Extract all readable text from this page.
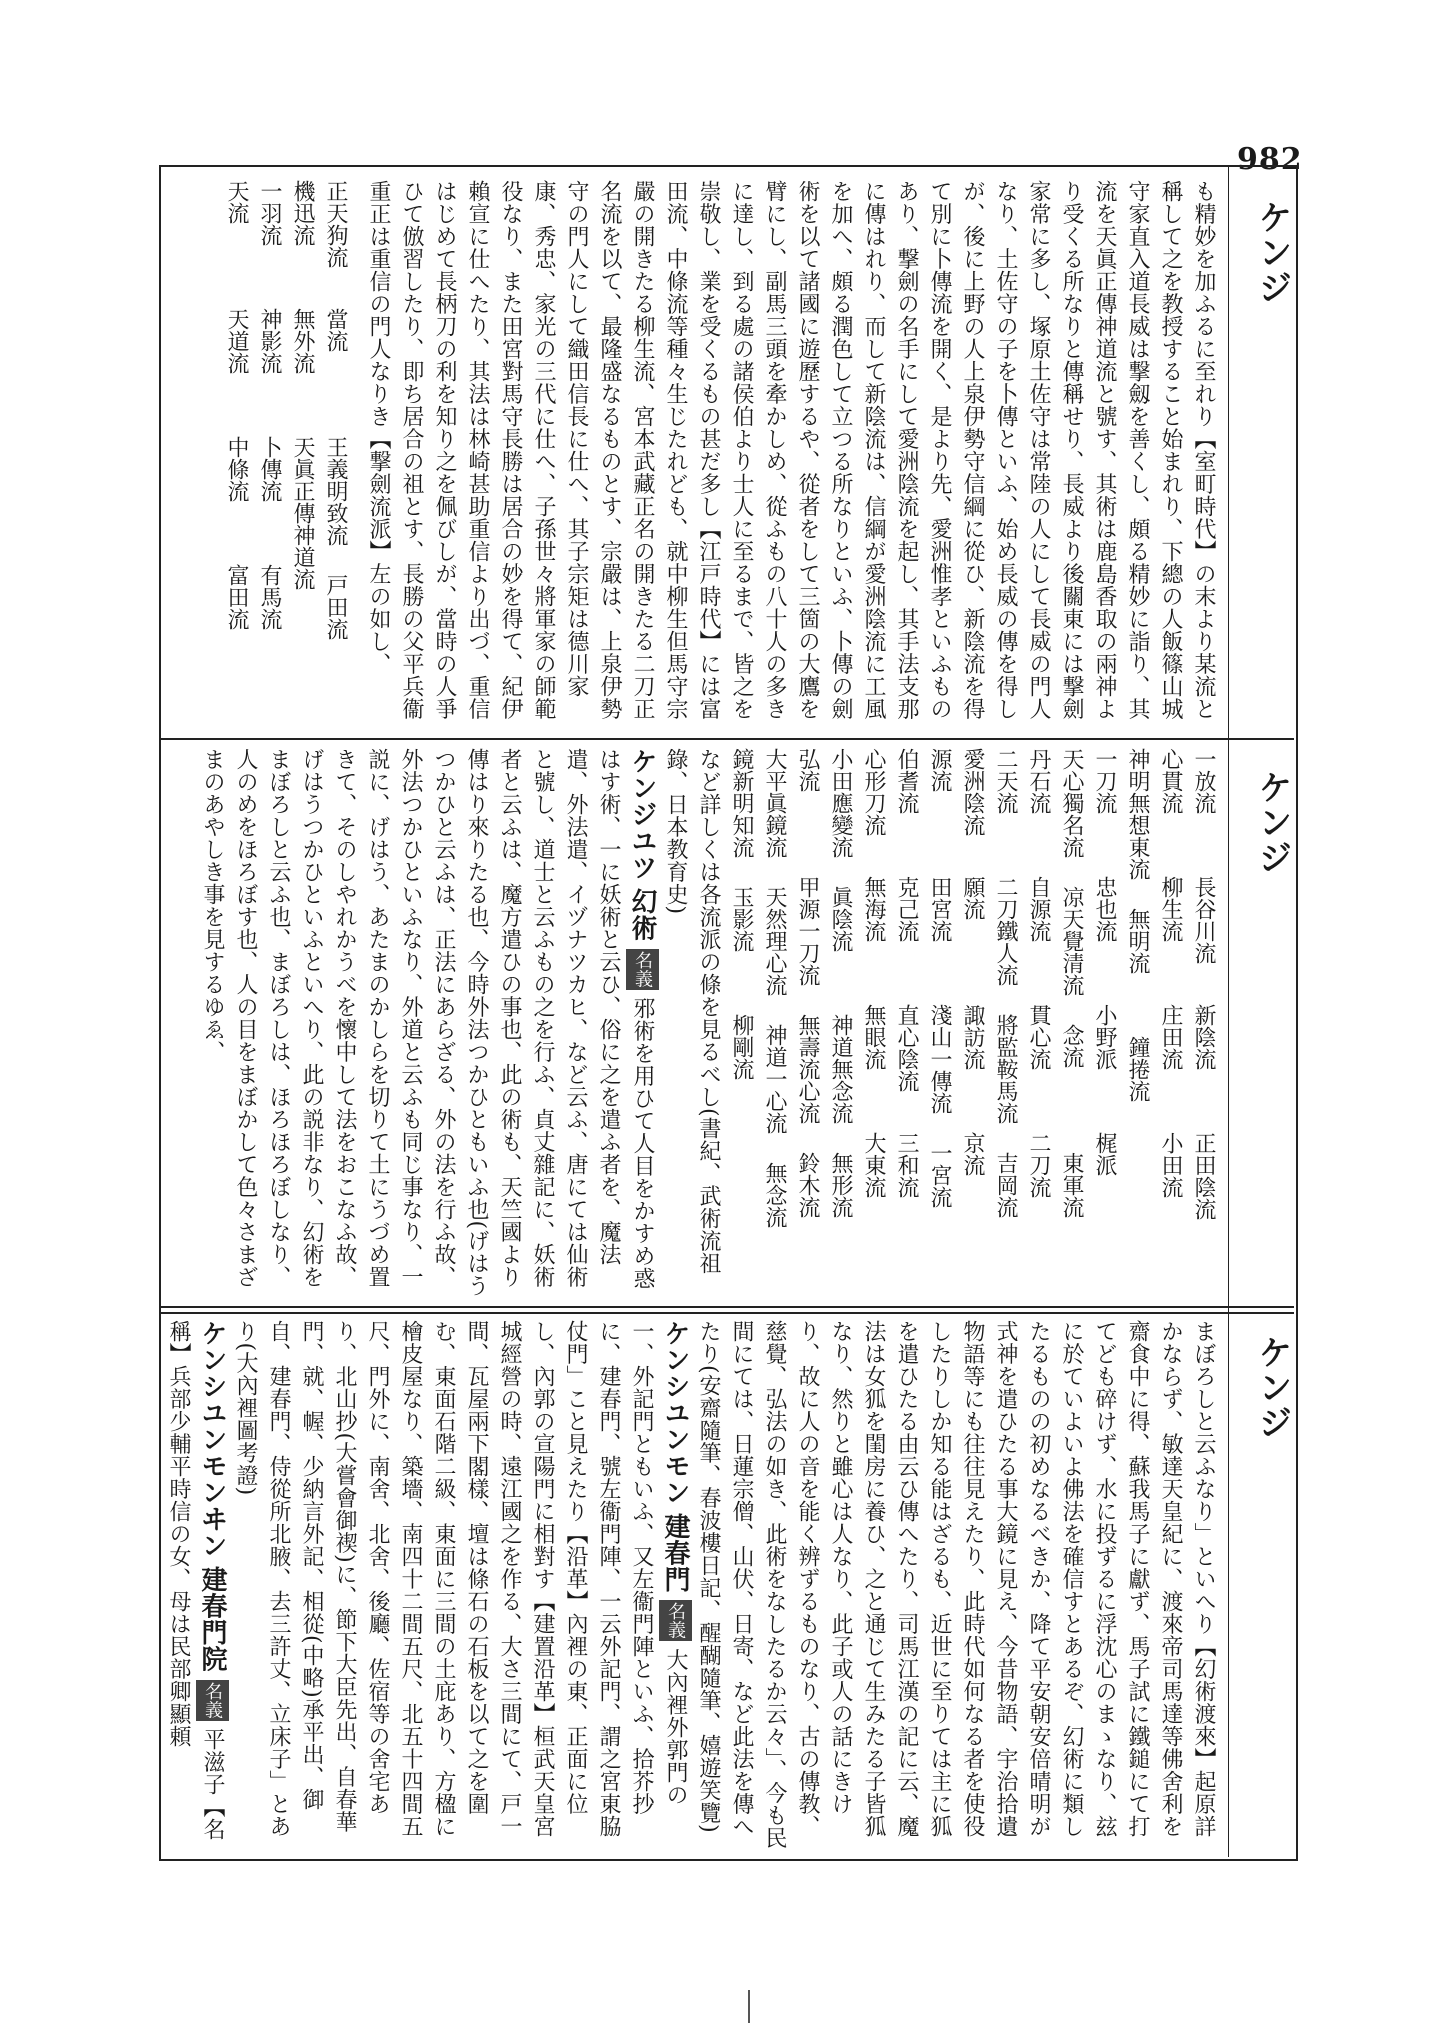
982
ケンジ
ケンジ
ケンジ

も精妙を加ふるに至れり【室町時代】の末より某流と稱して之を教授すること始まれり、下總の人飯篠山城守家直入道長威は撃劔を善くし、頗る精妙に詣り、其流を天眞正傳神道流と號す、其術は鹿島香取の兩神より受くる所なりと傳稱せり、長威より後關東には撃劍家常に多し、塚原土佐守は常陸の人にして長威の門人なり、土佐守の子を卜傳といふ、始め長威の傳を得しが、後に上野の人上泉伊勢守信綱に從ひ、新陰流を得て別に卜傳流を開く、是より先、愛洲惟孝といふものあり、撃劍の名手にして愛洲陰流を起し、其手法支那に傳はれり、而して新陰流は、信綱が愛洲陰流に工風を加へ、頗る潤色して立つる所なりといふ、卜傳の劍術を以て諸國に遊歷するや、從者をして三箇の大鷹を臂にし、副馬三頭を牽かしめ、從ふもの八十人の多きに達し、到る處の諸侯伯より士人に至るまで、皆之を崇敬し、業を受くるもの甚だ多し【江戸時代】には富田流、中條流等種々生じたれども、就中柳生但馬守宗嚴の開きたる柳生流、宮本武藏正名の開きたる二刀正名流を以て、最隆盛なるものとす、宗嚴は、上泉伊勢守の門人にして織田信長に仕へ、其子宗矩は德川家康、秀忠、家光の三代に仕へ、子孫世々將軍家の師範役なり、また田宮對馬守長勝は居合の妙を得て、紀伊賴宣に仕へたり、其法は林崎甚助重信より出づ、重信はじめて長柄刀の利を知り之を佩びしが、當時の人爭ひて倣習したり、即ち居合の祖とす、長勝の父平兵衞重正は重信の門人なりき【撃劍流派】左の如し、

正天狗流當流王義明致流戸田流

機迅流無外流天眞正傳神道流

一羽流神影流卜傳流有馬流

天流天道流中條流富田流

一放流長谷川流新陰流正田陰流

心貫流柳生流庄田流小田流

神明無想東流無明流鐘捲流

一刀流忠也流小野派梶派

天心獨名流凉天覺清流念流東軍流

丹石流自源流貫心流二刀流

二天流二刀鐵人流將監鞍馬流吉岡流

愛洲陰流願流諏訪流京流

源流田宮流淺山一傳流一宮流

伯耆流克己流直心陰流三和流

心形刀流無海流無眼流大東流

小田應變流眞陰流神道無念流無形流

弘流甲源一刀流無壽流心流鈴木流

大平眞鏡流天然理心流神道一心流無念流

鏡新明知流玉影流柳剛流

など詳しくは各流派の條を見るべし(書紀、武術流祖錄、日本教育史)

ケンジユツ 幻術 名義 邪術を用ひて人目をかすめ惑はす術、一に妖術と云ひ、俗に之を遣ふ者を、魔法遣、外法遣、イヅナツカヒ、など云ふ、唐にては仙術と號し、道士と云ふもの之を行ふ、貞丈雜記に、妖術者と云ふは、魔方遣ひの事也、此の術も、天竺國より傳はり來りたる也、今時外法つかひともいふ也(げはうつかひと云ふは、正法にあらざる、外の法を行ふ故、外法つかひといふなり、外道と云ふも同じ事なり、一説に、げはう、あたまのかしらを切りて土にうづめ置きて、そのしやれかうべを懷中して法をおこなふ故、げはうつかひといふといへり、此の説非なり、幻術をまぼろしと云ふ也、まぼろしは、ほろほろぼしなり、人のめをほろぼす也、人の目をまぼかして色々さまざまのあやしき事を見するゆゑ、

まぼろしと云ふなり」といへり【幻術渡來】起原詳かならず、敏達天皇紀に、渡來帝司馬達等佛舍利を齋食中に得、蘇我馬子に獻ず、馬子試に鐵鎚にて打てども碎けず、水に投ずるに浮沈心のまゝなり、玆に於ていよいよ佛法を確信すとあるぞ、幻術に類したるものの初めなるべきか、降て平安朝安倍晴明が式神を遣ひたる事大鏡に見え、今昔物語、宇治拾遺物語等にも往往見えたり、此時代如何なる者を使役したりしか知る能はざるも、近世に至りては主に狐を遣ひたる由云ひ傳へたり、司馬江漢の記に云、魔法は女狐を閨房に養ひ、之と通じて生みたる子皆狐なり、然りと雖心は人なり、此子或人の話にきけり、故に人の音を能く辨ずるものなり、古の傳教、慈覺、弘法の如き、此術をなしたるか云々」、今も民間にては、日蓮宗僧、山伏、日寄、など此法を傳へたり(安齋隨筆、春波樓日記、醒醐隨筆、嬉遊笑覽)

ケンシユンモン 建春門 名義 大內裡外郭門の一、外記門ともいふ、又左衞門陣といふ、拾芥抄に、建春門、號左衞門陣、一云外記門、謂之宮東脇仗門」こと見えたり【沿革】內裡の東、正面に位し、內郭の宣陽門に相對す【建置沿革】桓武天皇宮城經營の時、遠江國之を作る、大さ三間にて、戸一間、瓦屋兩下閣樣、壇は條石の石板を以て之を圍む、東面石階二級、東面に三間の土庇あり、方楹に檜皮屋なり、築墻、南四十二間五尺、北五十四間五尺、門外に、南舍、北舍、後廳、佐宿等の舍宅あり、北山抄(大嘗會御禊)に、節下大臣先出、自春華門、就、幄、少納言外記、相從(中略)承平出、御自、建春門、侍從所北腋、去三許丈、立床子」とあり(大內裡圖考證)

ケンシユンモンヰン 建春門院 名義 平滋子【名稱】兵部少輔平時信の女、母は民部卿顯頼
